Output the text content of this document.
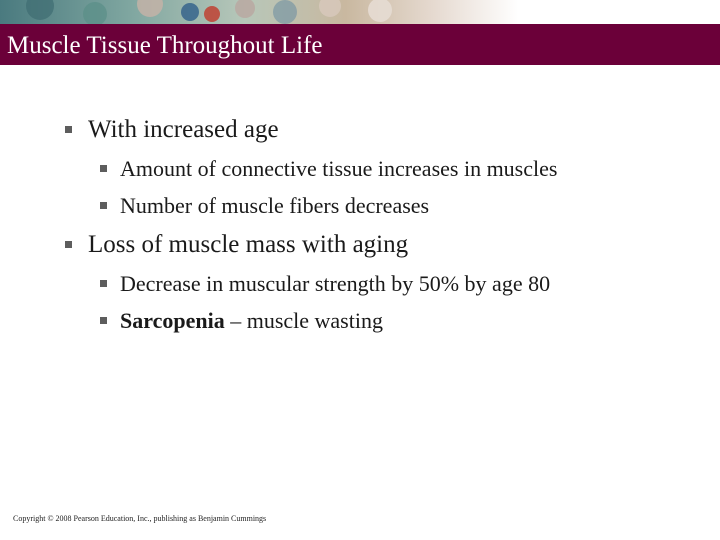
Muscle Tissue Throughout Life
With increased age
Amount of connective tissue increases in muscles
Number of muscle fibers decreases
Loss of muscle mass with aging
Decrease in muscular strength by 50% by age 80
Sarcopenia – muscle wasting
Copyright © 2008 Pearson Education, Inc., publishing as Benjamin Cummings
